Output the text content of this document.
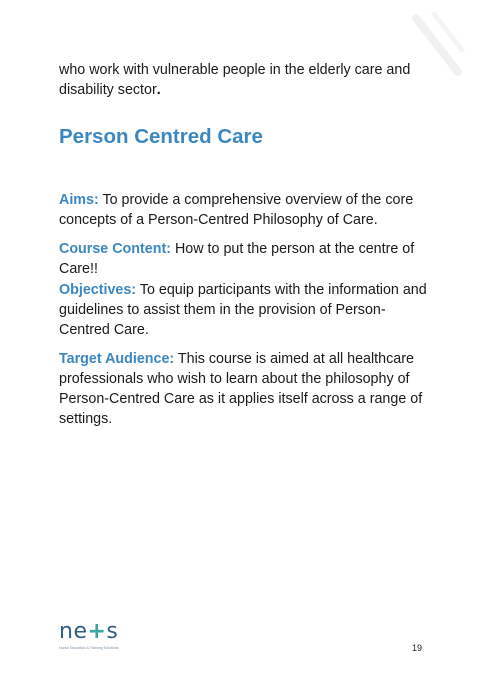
who work with vulnerable people in the elderly care and disability sector.

Person Centred Care

Aims: To provide a comprehensive overview of the core concepts of a Person-Centred Philosophy of Care.

Course Content: How to put the person at the centre of Care!!

Objectives: To equip participants with the information and guidelines to assist them in the provision of Person-Centred Care.

Target Audience: This course is aimed at all healthcare professionals who wish to learn about the philosophy of Person-Centred Care as it applies itself across a range of settings.

ne+s
Nurse Education & Training Solutions	19
